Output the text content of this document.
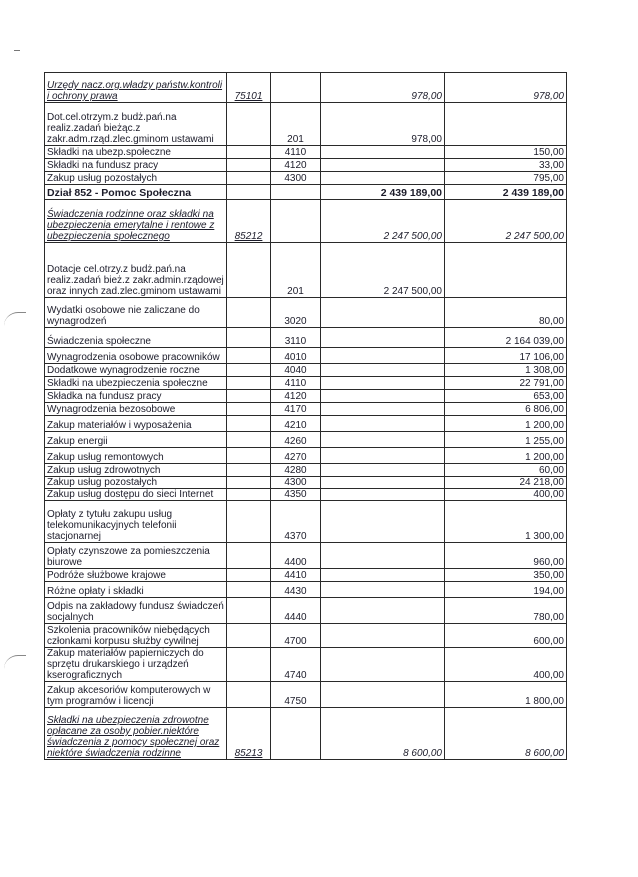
Urzędy nacz.org.władzy państw.kontroli i ochrony prawa	75101		978,00	978,00
Dot.cel.otrzym.z budż.pań.na realiz.zadań bieżąc.z zakr.adm.rząd.zlec.gminom ustawami		201	978,00	
Składki na ubezp.społeczne		4110		150,00
Składki na fundusz pracy		4120		33,00
Zakup usług pozostałych		4300		795,00
Dział 852 - Pomoc Społeczna			2 439 189,00	2 439 189,00
Świadczenia rodzinne oraz składki na ubezpieczenia emerytalne i rentowe z ubezpieczenia społecznego	85212		2 247 500,00	2 247 500,00
Dotacje cel.otrzy.z budż.pań.na realiz.zadań bież.z zakr.admin.rządowej oraz innych zad.zlec.gminom ustawami		201	2 247 500,00	
Wydatki osobowe nie zaliczane do wynagrodzeń		3020		80,00
Świadczenia społeczne		3110		2 164 039,00
Wynagrodzenia osobowe pracowników		4010		17 106,00
Dodatkowe wynagrodzenie roczne		4040		1 308,00
Składki na ubezpieczenia społeczne		4110		22 791,00
Składka na fundusz pracy		4120		653,00
Wynagrodzenia bezosobowe		4170		6 806,00
Zakup materiałów i wyposażenia		4210		1 200,00
Zakup energii		4260		1 255,00
Zakup usług remontowych		4270		1 200,00
Zakup usług zdrowotnych		4280		60,00
Zakup usług pozostałych		4300		24 218,00
Zakup usług dostępu do sieci Internet		4350		400,00
Opłaty z tytułu zakupu usług telekomunikacyjnych telefonii stacjonarnej		4370		1 300,00
Opłaty czynszowe za pomieszczenia biurowe		4400		960,00
Podróże służbowe krajowe		4410		350,00
Różne opłaty i składki		4430		194,00
Odpis na zakładowy fundusz świadczeń socjalnych		4440		780,00
Szkolenia pracowników niebędących członkami korpusu służby cywilnej		4700		600,00
Zakup materiałów papierniczych do sprzętu drukarskiego i urządzeń kserograficznych		4740		400,00
Zakup akcesoriów komputerowych w tym programów i licencji		4750		1 800,00
Składki na ubezpieczenia zdrowotne opłacane za osoby pobier.niektóre świadczenia z pomocy społecznej oraz niektóre świadczenia rodzinne	85213		8 600,00	8 600,00
